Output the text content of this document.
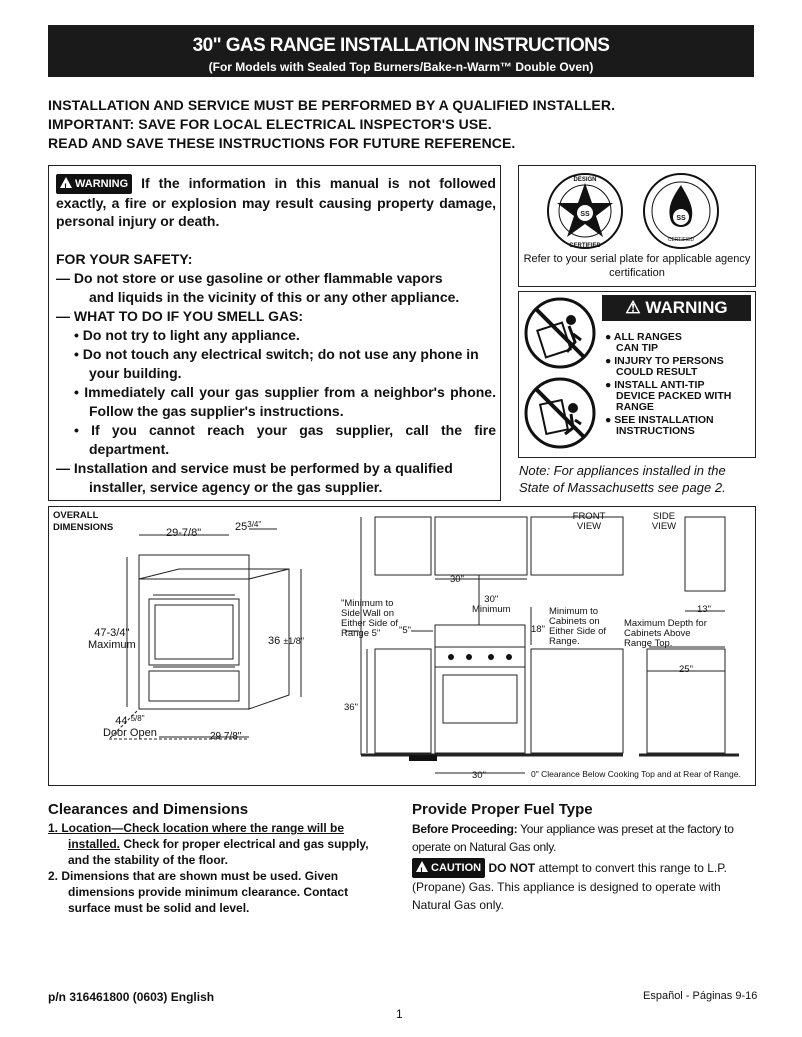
30" GAS RANGE INSTALLATION INSTRUCTIONS
(For Models with Sealed Top Burners/Bake-n-Warm™ Double Oven)
INSTALLATION AND SERVICE MUST BE PERFORMED BY A QUALIFIED INSTALLER.
IMPORTANT: SAVE FOR LOCAL ELECTRICAL INSPECTOR'S USE.
READ AND SAVE THESE INSTRUCTIONS FOR FUTURE REFERENCE.
! WARNING If the information in this manual is not followed exactly, a fire or explosion may result causing property damage, personal injury or death.
FOR YOUR SAFETY:
— Do not store or use gasoline or other flammable vapors
and liquids in the vicinity of this or any other appliance.
— WHAT TO DO IF YOU SMELL GAS:
• Do not try to light any appliance.
• Do not touch any electrical switch; do not use any phone in your building.
• Immediately call your gas supplier from a neighbor's phone. Follow the gas supplier's instructions.
• If you cannot reach your gas supplier, call the fire department.
— Installation and service must be performed by a qualified
installer, service agency or the gas supplier.
SS
DESIGN
CERTIFIED
SS
CERTIFIED
Refer to your serial plate for applicable agency certification
⚠ WARNING
● ALL RANGES
CAN TIP
● INJURY TO PERSONS
COULD RESULT
● INSTALL ANTI-TIP
DEVICE PACKED WITH
RANGE
● SEE INSTALLATION
INSTRUCTIONS
Note: For appliances installed in the State of Massachusetts see page 2.
OVERALL
DIMENSIONS	29-7/8"	$25^{3/4"}$
47-3/4"
Maximum	36 ±1/8"
44 $^{5/8"}$
Door Open	29 7/8"
FRONT VIEW
SIDE VIEW
30"
30"
Minimum
"Minimum to Side Wall on Either Side of Range 5"	"5"	18"
Minimum to Cabinets on Either Side of Range.
Maximum Depth for Cabinets Above Range Top.
13"
25"
36"
30"	0" Clearance Below Cooking Top and at Rear of Range.
Clearances and Dimensions
1. Location—Check location where the range will be
installed. Check for proper electrical and gas supply,
and the stability of the floor.
2. Dimensions that are shown must be used. Given
dimensions provide minimum clearance. Contact
surface must be solid and level.
Provide Proper Fuel Type
Before Proceeding: Your appliance was preset at the factory to operate on Natural Gas only.
! CAUTION DO NOT attempt to convert this range to L.P. (Propane) Gas. This appliance is designed to operate with Natural Gas only.
p/n 316461800 (0603) English	Español - Páginas 9-16
1
